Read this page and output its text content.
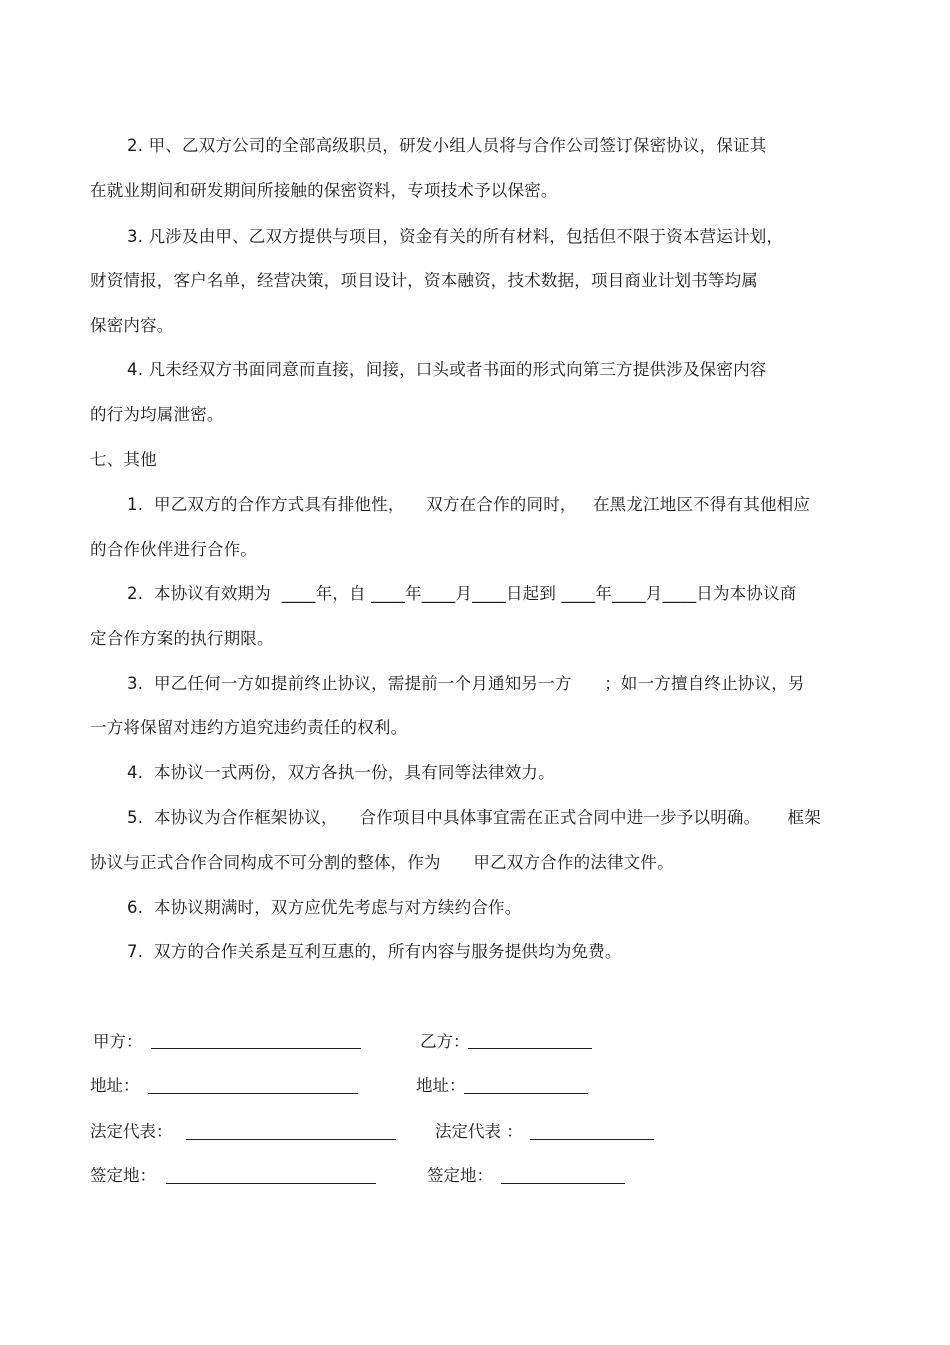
2. 甲、乙双方公司的全部高级职员，研发小组人员将与合作公司签订保密协议，保证其
在就业期间和研发期间所接触的保密资料，专项技术予以保密。
3. 凡涉及由甲、乙双方提供与项目，资金有关的所有材料，包括但不限于资本营运计划，
财资情报，客户名单，经营决策，项目设计，资本融资，技术数据，项目商业计划书等均属
保密内容。
4. 凡未经双方书面同意而直接，间接，口头或者书面的形式向第三方提供涉及保密内容
的行为均属泄密。
七、其他
1.  甲乙双方的合作方式具有排他性，    双方在合作的同时，   在黑龙江地区不得有其他相应
的合作伙伴进行合作。
2.  本协议有效期为  ____年，自 ____年____月____日起到 ____年____月____日为本协议商
定合作方案的执行期限。
3.  甲乙任何一方如提前终止协议，需提前一个月通知另一方      ；如一方擅自终止协议，另
一方将保留对违约方追究违约责任的权利。
4.  本协议一式两份，双方各执一份，具有同等法律效力。
5.  本协议为合作框架协议，    合作项目中具体事宜需在正式合同中进一步予以明确。     框架
协议与正式合作合同构成不可分割的整体，作为      甲乙双方合作的法律文件。
6.  本协议期满时，双方应优先考虑与对方续约合作。
7.  双方的合作关系是互利互惠的，所有内容与服务提供均为免费。
甲方：	乙方：
地址：	地址：
法定代表：	法定代表 ：
签定地：	签定地：
